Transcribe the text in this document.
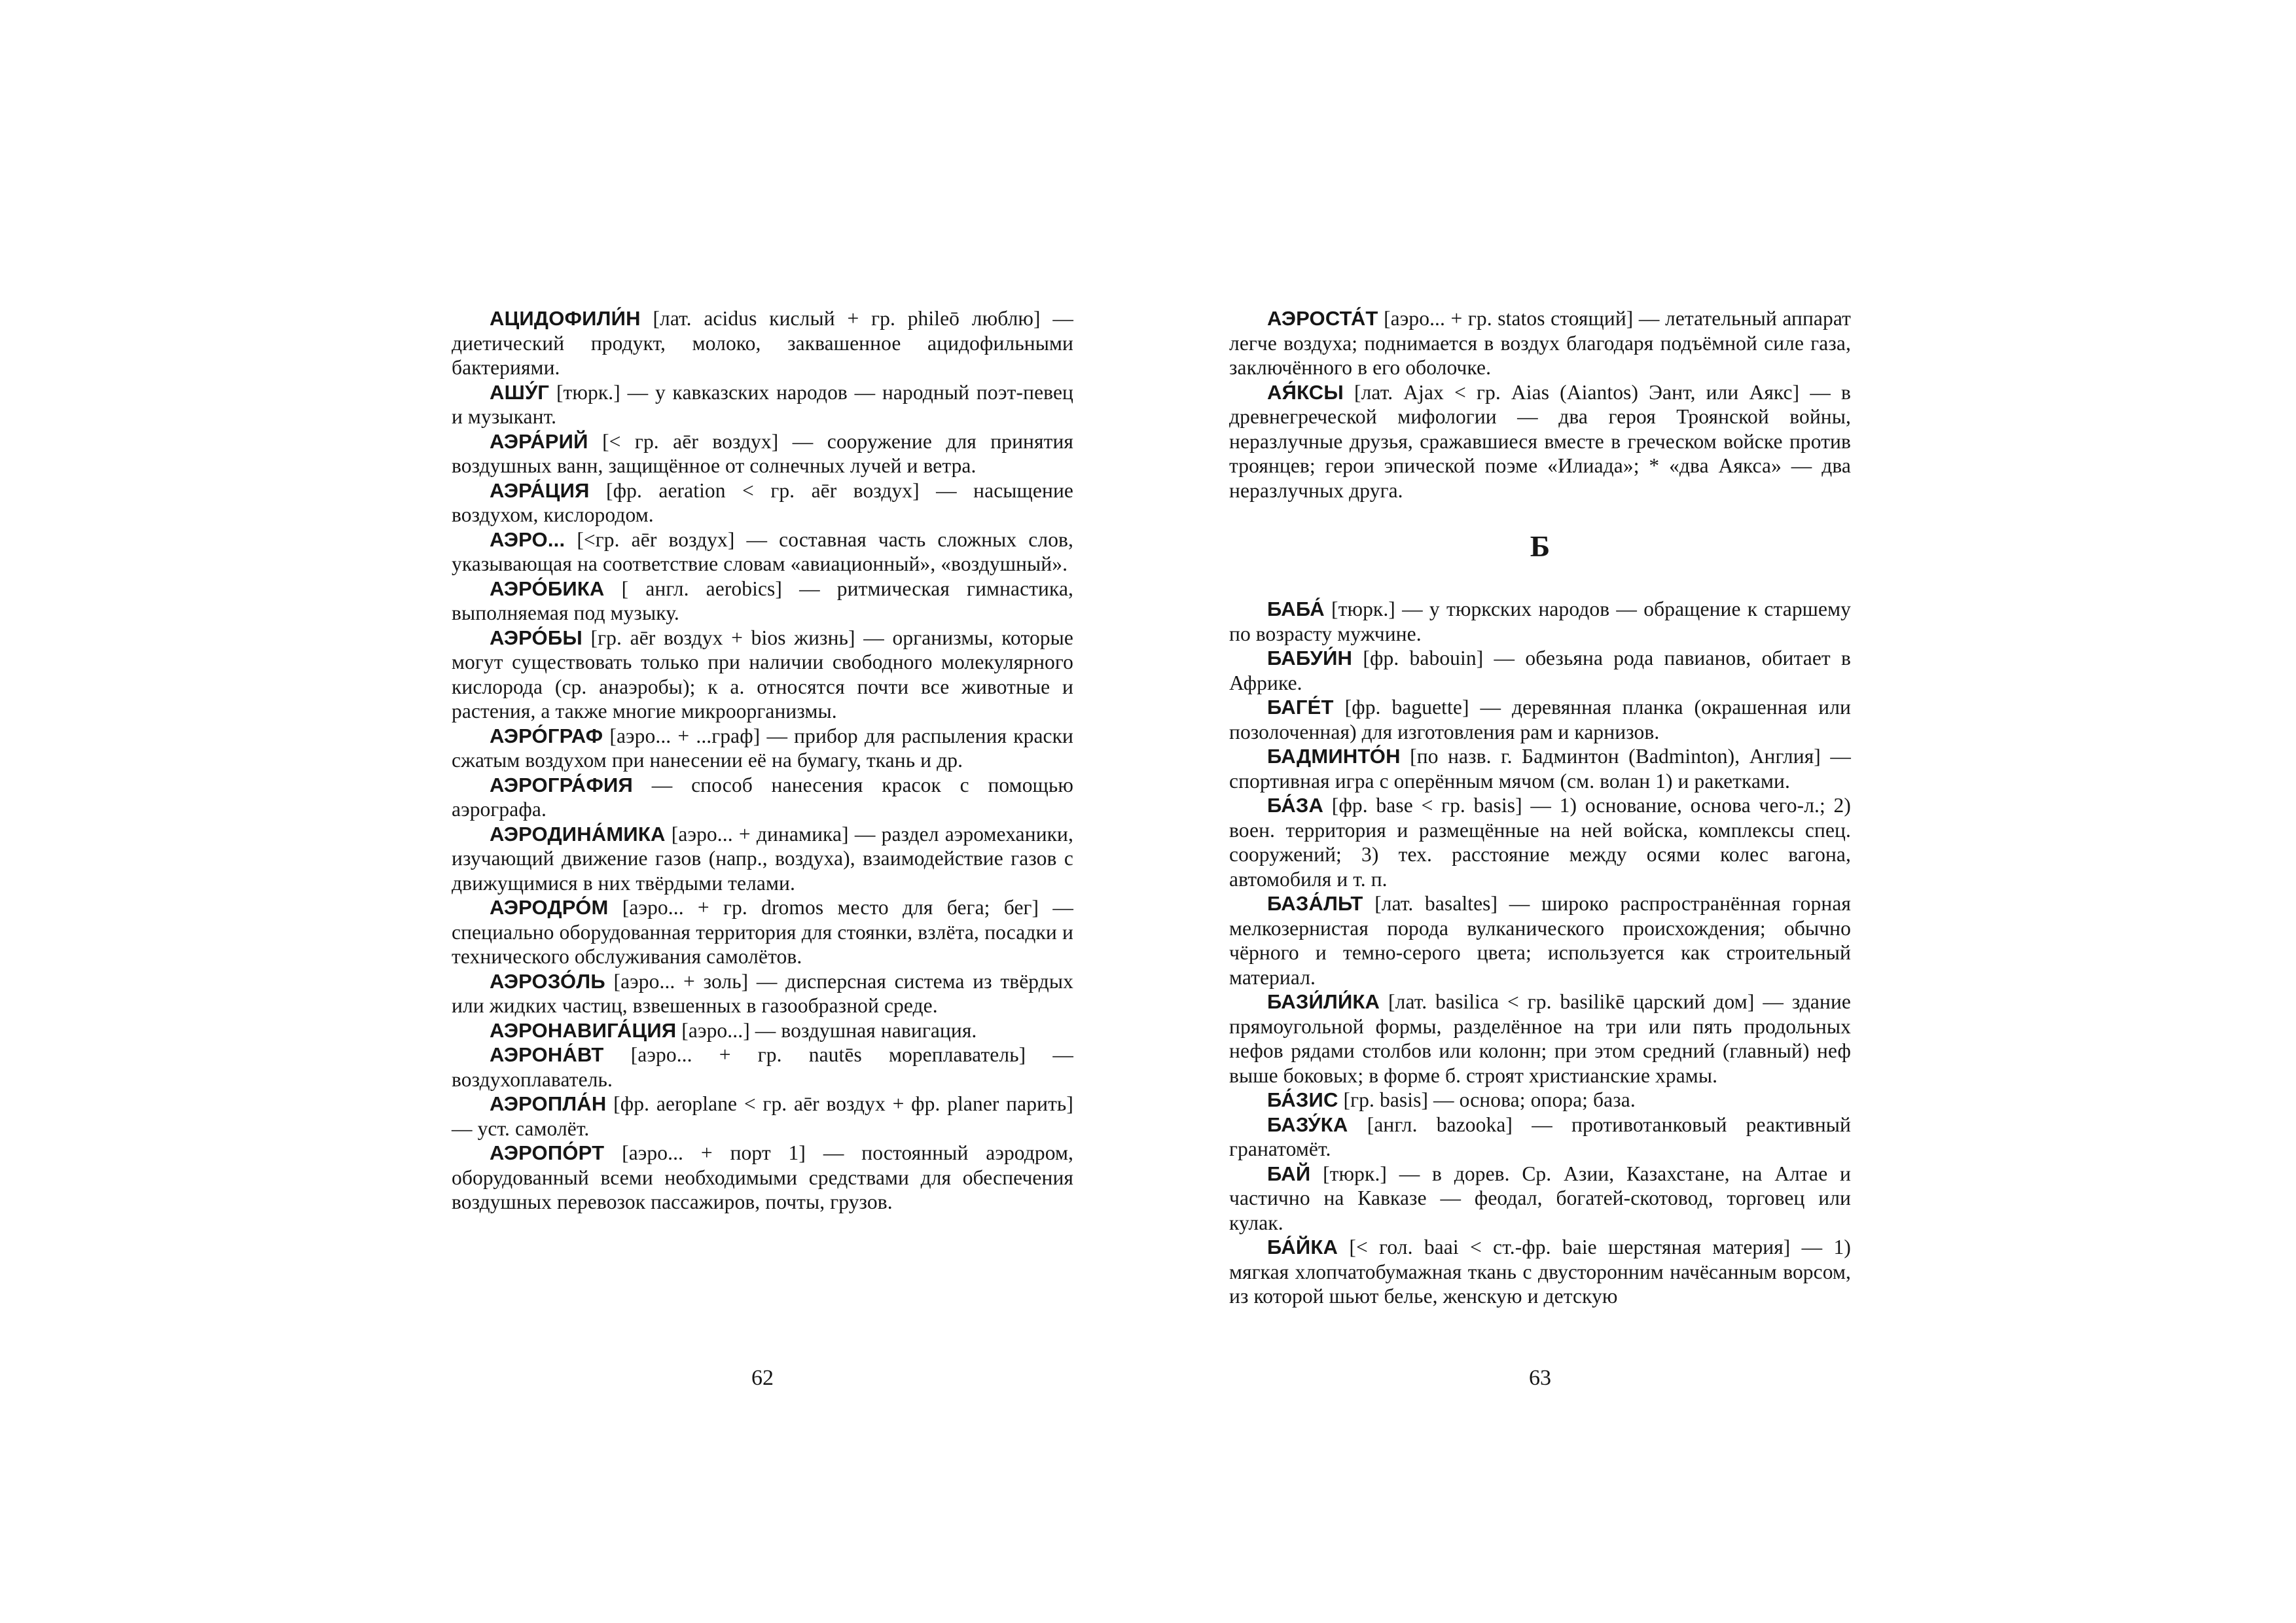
АЦИДОФИЛИ́Н [лат. acidus кислый + гр. phileō люблю] — диетический продукт, молоко, заквашенное ацидофильными бактериями.

АШУ́Г [тюрк.] — у кавказских народов — народный поэт-певец и музыкант.

АЭРА́РИЙ [< гр. aēr воздух] — сооружение для принятия воздушных ванн, защищённое от солнечных лучей и ветра.

АЭРА́ЦИЯ [фр. aeration < гр. aēr воздух] — насыщение воздухом, кислородом.

АЭРО... [<гр. aēr воздух] — составная часть сложных слов, указывающая на соответствие словам «авиационный», «воздушный».

АЭРО́БИКА [ англ. aerobics] — ритмическая гимнастика, выполняемая под музыку.

АЭРО́БЫ [гр. aēr воздух + bios жизнь] — организмы, которые могут существовать только при наличии свободного молекулярного кислорода (ср. анаэробы); к а. относятся почти все животные и растения, а также многие микроорганизмы.

АЭРО́ГРАФ [аэро... + ...граф] — прибор для распыления краски сжатым воздухом при нанесении её на бумагу, ткань и др.

АЭРОГРА́ФИЯ — способ нанесения красок с помощью аэрографа.

АЭРОДИНА́МИКА [аэро... + динамика] — раздел аэромеханики, изучающий движение газов (напр., воздуха), взаимодействие газов с движущимися в них твёрдыми телами.

АЭРОДРО́М [аэро... + гр. dromos место для бега; бег] — специально оборудованная территория для стоянки, взлёта, посадки и технического обслуживания самолётов.

АЭРОЗО́ЛЬ [аэро... + золь] — дисперсная система из твёрдых или жидких частиц, взвешенных в газообразной среде.

АЭРОНАВИГА́ЦИЯ [аэро...] — воздушная навигация.

АЭРОНА́ВТ [аэро... + гр. nautēs мореплаватель] — воздухоплаватель.

АЭРОПЛА́Н [фр. aeroplane < гр. aēr воздух + фр. planer парить] — уст. самолёт.

АЭРОПО́РТ [аэро... + порт 1] — постоянный аэродром, оборудованный всеми необходимыми средствами для обеспечения воздушных перевозок пассажиров, почты, грузов.

62

АЭРОСТА́Т [аэро... + гр. statos стоящий] — летательный аппарат легче воздуха; поднимается в воздух благодаря подъёмной силе газа, заключённого в его оболочке.

АЯ́КСЫ [лат. Ajax < гр. Aias (Aiantos) Эант, или Аякс] — в древнегреческой мифологии — два героя Троянской войны, неразлучные друзья, сражавшиеся вместе в греческом войске против троянцев; герои эпической поэме «Илиада»; * «два Аякса» — два неразлучных друга.

Б

БАБА́ [тюрк.] — у тюркских народов — обращение к старшему по возрасту мужчине.

БАБУИ́Н [фр. babouin] — обезьяна рода павианов, обитает в Африке.

БАГЕ́Т [фр. baguette] — деревянная планка (окрашенная или позолоченная) для изготовления рам и карнизов.

БАДМИНТО́Н [по назв. г. Бадминтон (Badminton), Англия] — спортивная игра с оперённым мячом (см. волан 1) и ракетками.

БА́ЗА [фр. base < гр. basis] — 1) основание, основа чего-л.; 2) воен. территория и размещённые на ней войска, комплексы спец. сооружений; 3) тех. расстояние между осями колес вагона, автомобиля и т. п.

БАЗА́ЛЬТ [лат. basaltes] — широко распространённая горная мелкозернистая порода вулканического происхождения; обычно чёрного и темно-серого цвета; используется как строительный материал.

БАЗИ́ЛИ́КА [лат. basilica < гр. basilikē царский дом] — здание прямоугольной формы, разделённое на три или пять продольных нефов рядами столбов или колонн; при этом средний (главный) неф выше боковых; в форме б. строят христианские храмы.

БА́ЗИС [гр. basis] — основа; опора; база.

БАЗУ́КА [англ. bazooka] — противотанковый реактивный гранатомёт.

БАЙ [тюрк.] — в дорев. Ср. Азии, Казахстане, на Алтае и частично на Кавказе — феодал, богатей-скотовод, торговец или кулак.

БА́ЙКА [< гол. baai < ст.-фр. baie шерстяная материя] — 1) мягкая хлопчатобумажная ткань с двусторонним начёсанным ворсом, из которой шьют белье, женскую и детскую

63
